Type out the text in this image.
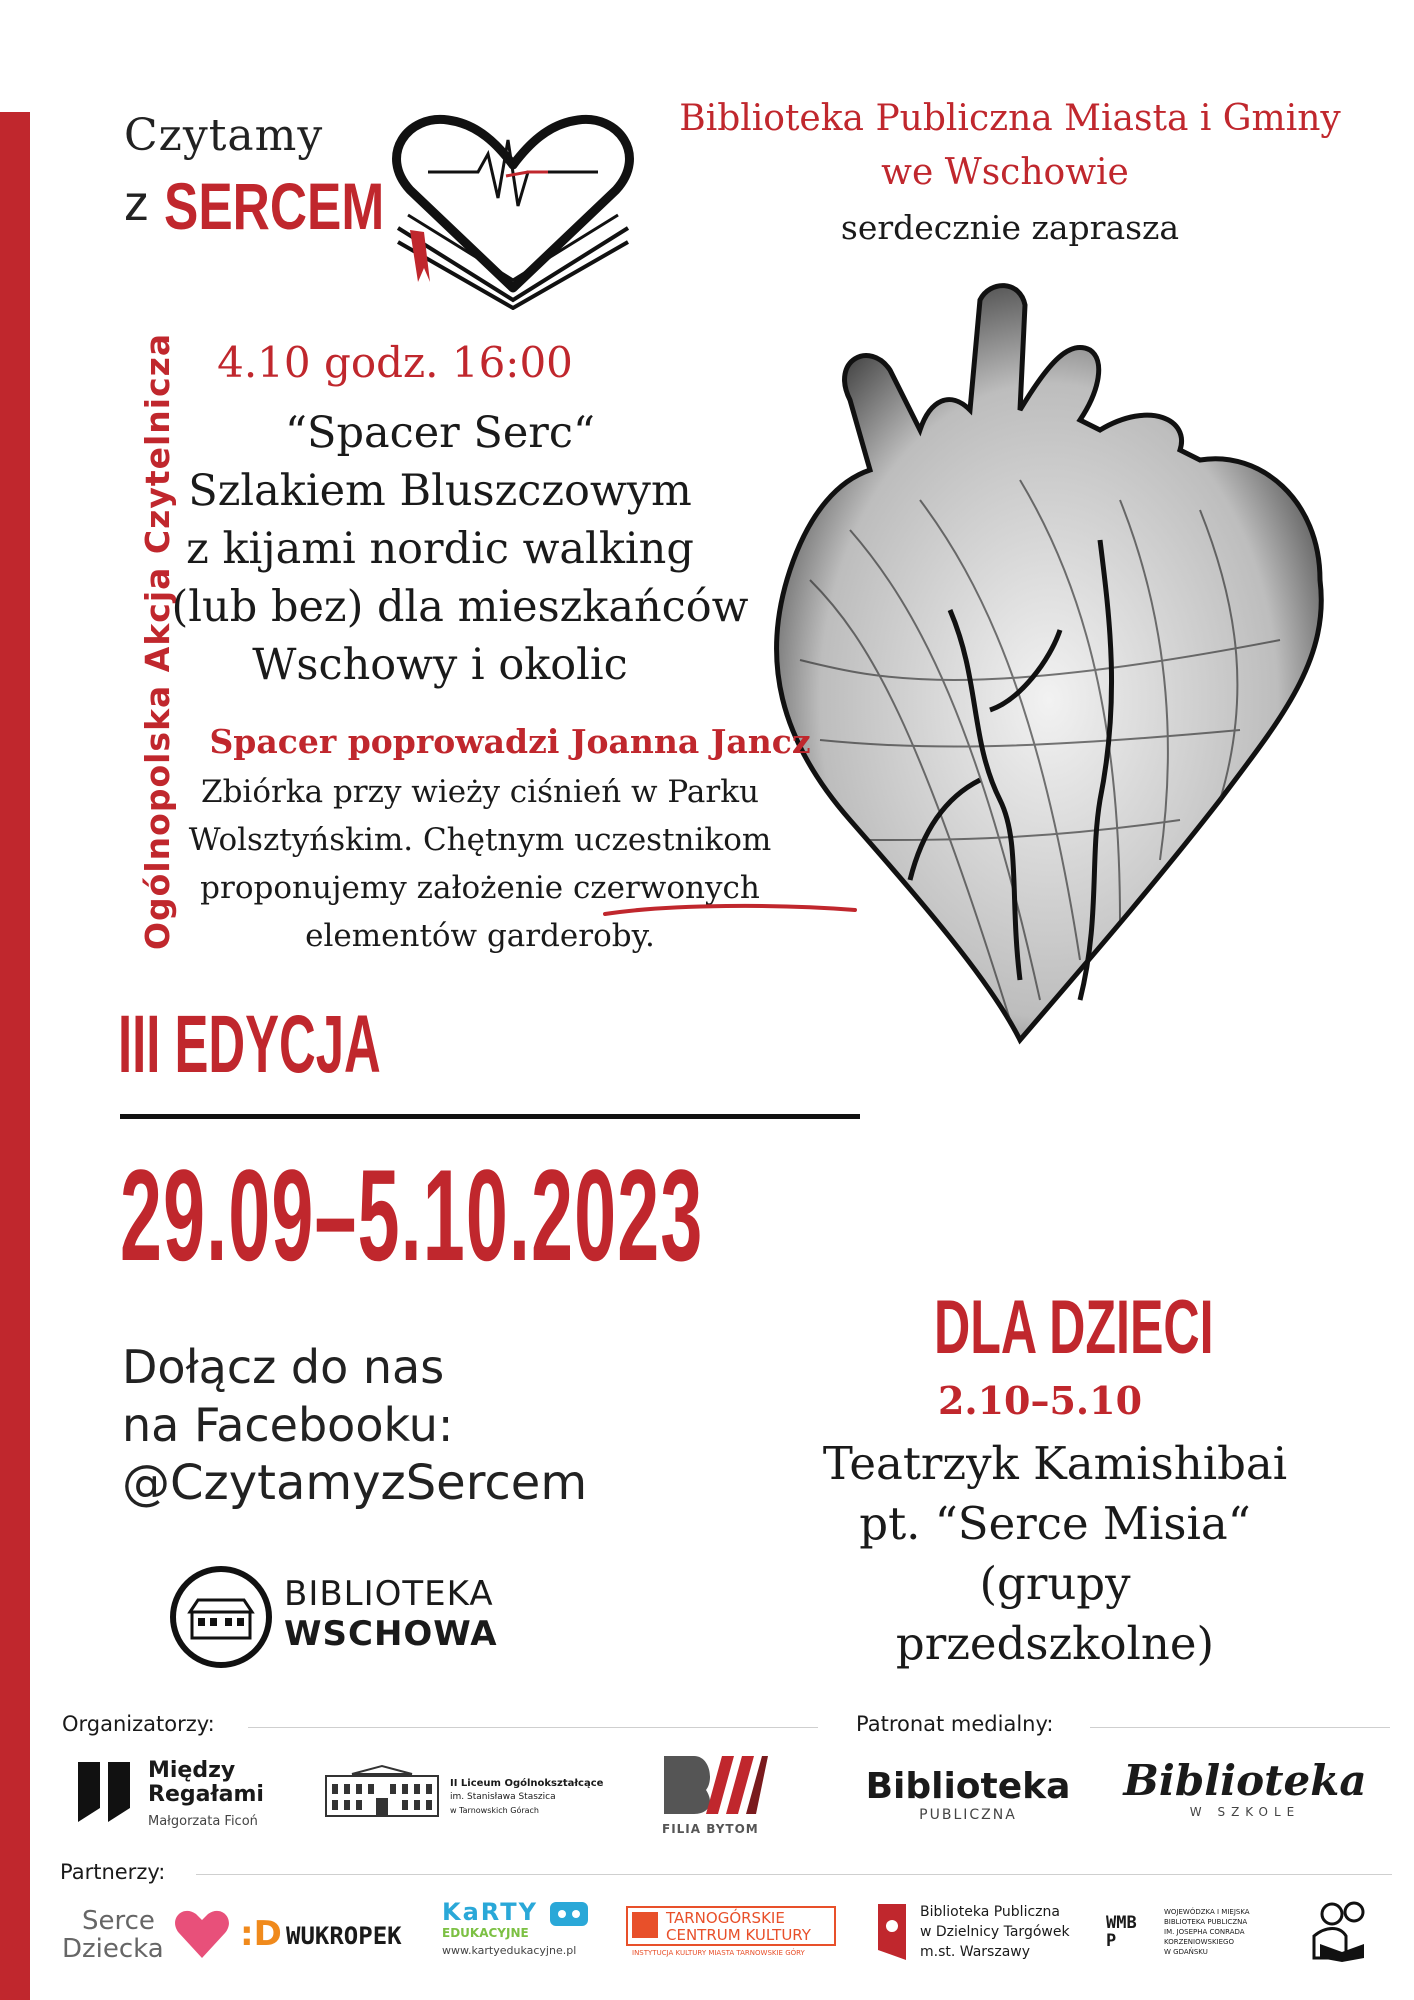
Ogólnopolska Akcja Czytelnicza
Czytamy
z SERCEM
Biblioteka Publiczna Miasta i Gminy
we Wschowie
serdecznie zaprasza
4.10 godz. 16:00
“Spacer Serc“
Szlakiem Bluszczowym
z kijami nordic walking
(lub bez) dla mieszkańców
Wschowy i okolic
Spacer poprowadzi Joanna Jancz
Zbiórka przy wieży ciśnień w Parku
Wolsztyńskim. Chętnym uczestnikom
proponujemy założenie czerwonych
elementów garderoby.
III EDYCJA
29.09–5.10.2023
Dołącz do nas
na Facebooku:
@CzytamyzSercem
DLA DZIECI
2.10–5.10
Teatrzyk Kamishibai
pt. “Serce Misia“
(grupy przedszkolne)
BIBLIOTEKA
WSCHOWA
Organizatorzy:	Patronat medialny:
Partnerzy:
Między
Regałami
Małgorzata Ficoń
II Liceum Ogólnokształcące
im. Stanisława Staszica
w Tarnowskich Górach
FILIA BYTOM
Biblioteka
PUBLICZNA
Biblioteka
W SZKOLE
Serce
Dziecka :D WUKROPEK
KaRTY
EDUKACYJNE
www.kartyedukacyjne.pl
TARNOGÓRSKIE
CENTRUM KULTURY
INSTYTUCJA KULTURY MIASTA TARNOWSKIE GÓRY
Biblioteka Publiczna
w Dzielnicy Targówek
m.st. Warszawy
WMBP
WOJEWÓDZKA I MIEJSKA
BIBLIOTEKA PUBLICZNA
IM. JOSEPHA CONRADA
KORZENIOWSKIEGO
W GDAŃSKU
